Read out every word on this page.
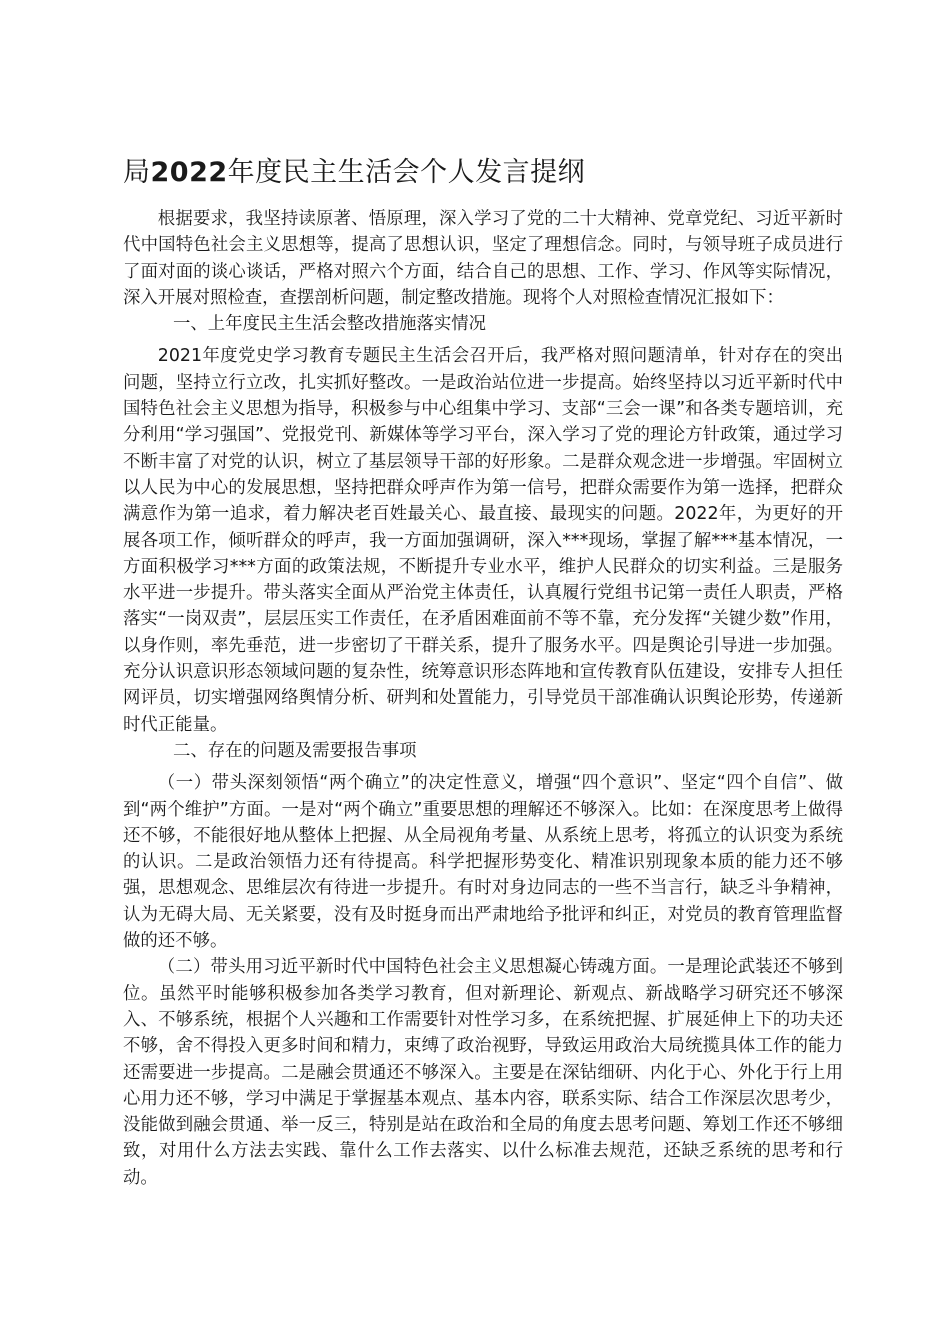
局2022年度民主生活会个人发言提纲

根据要求，我坚持读原著、悟原理，深入学习了党的二十大精神、党章党纪、习近平新时代中国特色社会主义思想等，提高了思想认识，坚定了理想信念。同时，与领导班子成员进行了面对面的谈心谈话，严格对照六个方面，结合自己的思想、工作、学习、作风等实际情况，深入开展对照检查，查摆剖析问题，制定整改措施。现将个人对照检查情况汇报如下：

一、上年度民主生活会整改措施落实情况

2021年度党史学习教育专题民主生活会召开后，我严格对照问题清单，针对存在的突出问题，坚持立行立改，扎实抓好整改。一是政治站位进一步提高。始终坚持以习近平新时代中国特色社会主义思想为指导，积极参与中心组集中学习、支部“三会一课”和各类专题培训，充分利用“学习强国”、党报党刊、新媒体等学习平台，深入学习了党的理论方针政策，通过学习不断丰富了对党的认识，树立了基层领导干部的好形象。二是群众观念进一步增强。牢固树立以人民为中心的发展思想，坚持把群众呼声作为第一信号，把群众需要作为第一选择，把群众满意作为第一追求，着力解决老百姓最关心、最直接、最现实的问题。2022年，为更好的开展各项工作，倾听群众的呼声，我一方面加强调研，深入***现场，掌握了解***基本情况，一方面积极学习***方面的政策法规，不断提升专业水平，维护人民群众的切实利益。三是服务水平进一步提升。带头落实全面从严治党主体责任，认真履行党组书记第一责任人职责，严格落实“一岗双责”，层层压实工作责任，在矛盾困难面前不等不靠，充分发挥“关键少数”作用，以身作则，率先垂范，进一步密切了干群关系，提升了服务水平。四是舆论引导进一步加强。充分认识意识形态领域问题的复杂性，统筹意识形态阵地和宣传教育队伍建设，安排专人担任网评员，切实增强网络舆情分析、研判和处置能力，引导党员干部准确认识舆论形势，传递新时代正能量。

二、存在的问题及需要报告事项

（一）带头深刻领悟“两个确立”的决定性意义，增强“四个意识”、坚定“四个自信”、做到“两个维护”方面。一是对“两个确立”重要思想的理解还不够深入。比如：在深度思考上做得还不够，不能很好地从整体上把握、从全局视角考量、从系统上思考，将孤立的认识变为系统的认识。二是政治领悟力还有待提高。科学把握形势变化、精准识别现象本质的能力还不够强，思想观念、思维层次有待进一步提升。有时对身边同志的一些不当言行，缺乏斗争精神，认为无碍大局、无关紧要，没有及时挺身而出严肃地给予批评和纠正，对党员的教育管理监督做的还不够。

（二）带头用习近平新时代中国特色社会主义思想凝心铸魂方面。一是理论武装还不够到位。虽然平时能够积极参加各类学习教育，但对新理论、新观点、新战略学习研究还不够深入、不够系统，根据个人兴趣和工作需要针对性学习多，在系统把握、扩展延伸上下的功夫还不够，舍不得投入更多时间和精力，束缚了政治视野，导致运用政治大局统揽具体工作的能力还需要进一步提高。二是融会贯通还不够深入。主要是在深钻细研、内化于心、外化于行上用心用力还不够，学习中满足于掌握基本观点、基本内容，联系实际、结合工作深层次思考少，没能做到融会贯通、举一反三，特别是站在政治和全局的角度去思考问题、筹划工作还不够细致，对用什么方法去实践、靠什么工作去落实、以什么标准去规范，还缺乏系统的思考和行动。
